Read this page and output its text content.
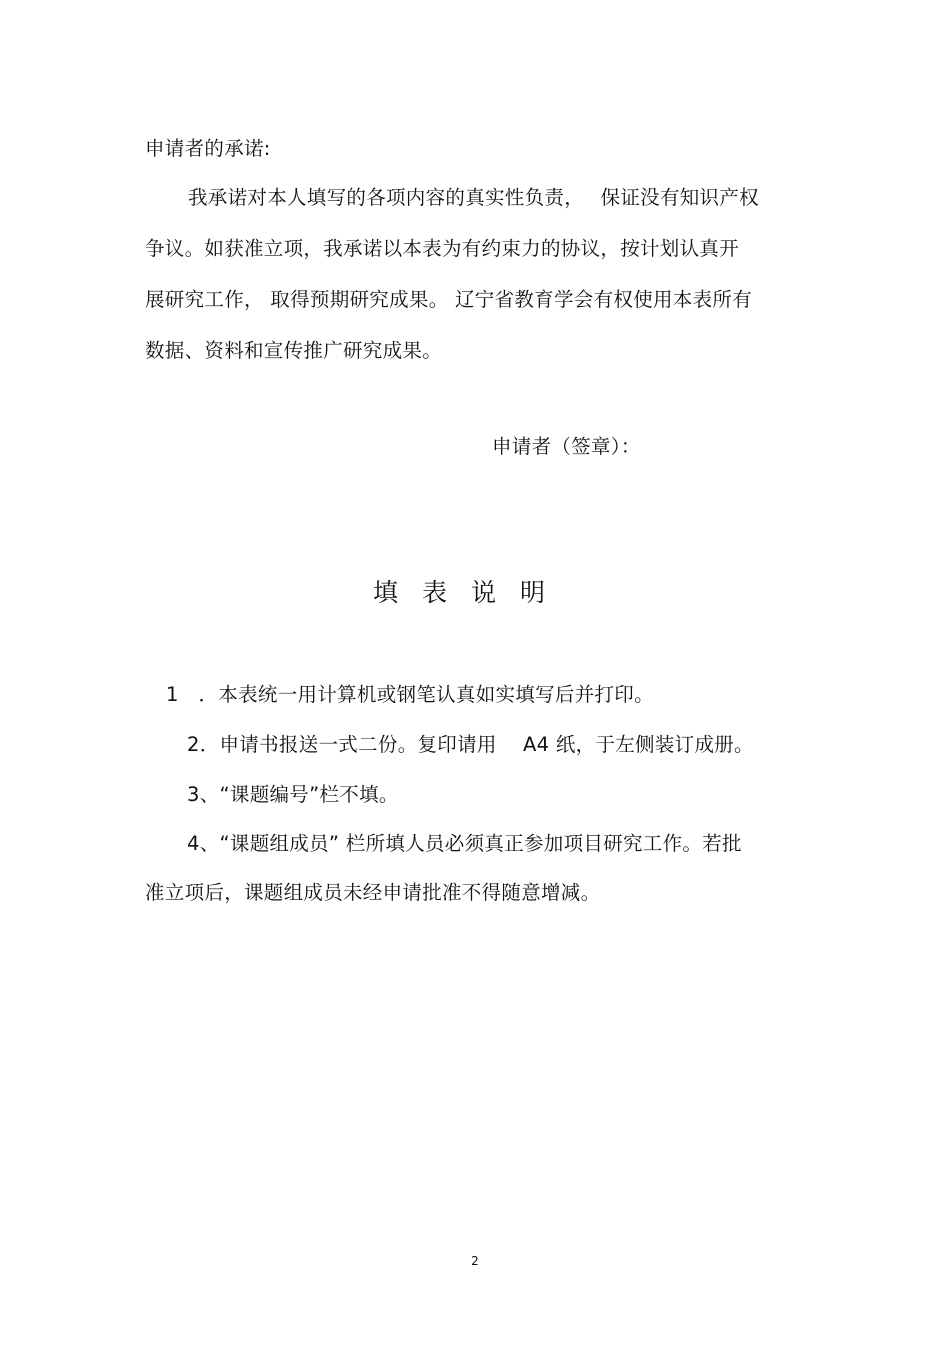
申请者的承诺:
我承诺对本人填写的各项内容的真实性负责，　 保证没有知识产权
争议。如获准立项，我承诺以本表为有约束力的协议，按计划认真开
展研究工作， 取得预期研究成果。 辽宁省教育学会有权使用本表所有
数据、资料和宣传推广研究成果。
申请者（签章）：
填表说明
1　．本表统一用计算机或钢笔认真如实填写后并打印。
2．申请书报送一式二份。复印请用　 A4 纸，于左侧装订成册。
3、“课题编号”栏不填。
4、“课题组成员” 栏所填人员必须真正参加项目研究工作。若批
准立项后，课题组成员未经申请批准不得随意增减。
2
